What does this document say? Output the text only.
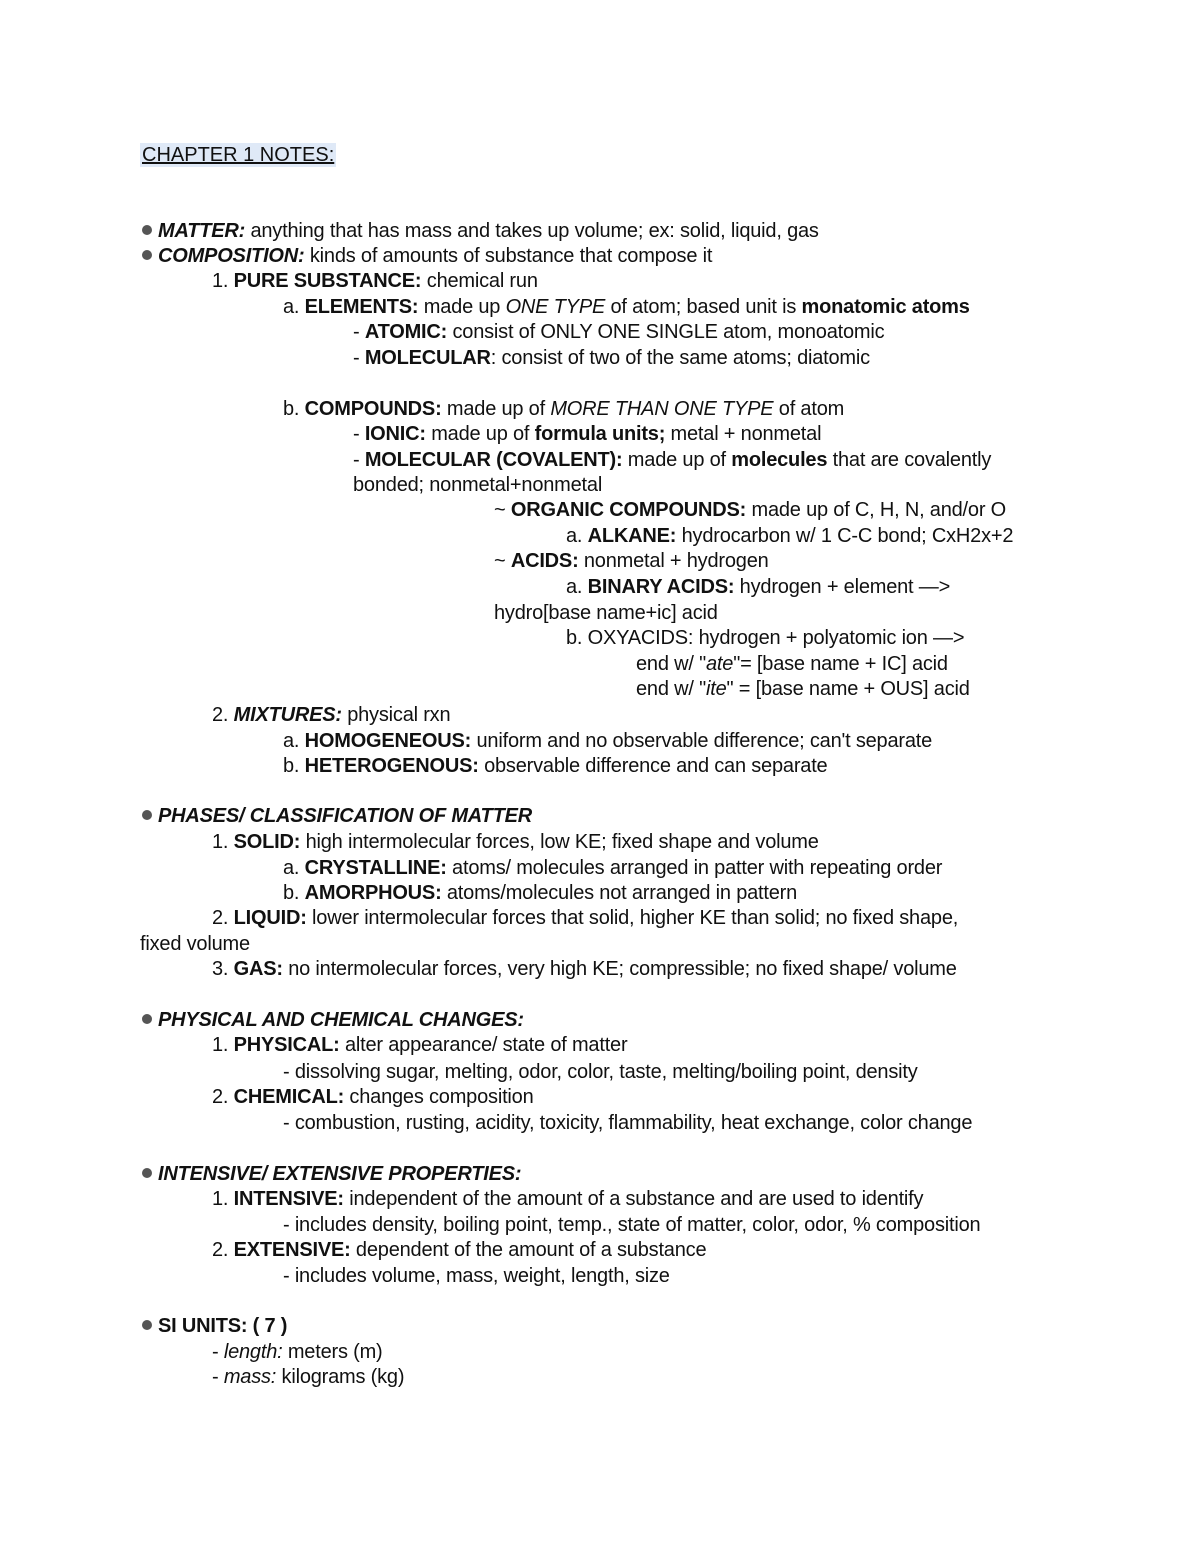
CHAPTER 1 NOTES:
MATTER: anything that has mass and takes up volume; ex: solid, liquid, gas
COMPOSITION: kinds of amounts of substance that compose it
1. PURE SUBSTANCE: chemical run
a. ELEMENTS: made up ONE TYPE of atom; based unit is monatomic atoms
- ATOMIC: consist of ONLY ONE SINGLE atom, monoatomic
- MOLECULAR: consist of two of the same atoms; diatomic
b. COMPOUNDS: made up of MORE THAN ONE TYPE of atom
- IONIC: made up of formula units; metal + nonmetal
- MOLECULAR (COVALENT): made up of molecules that are covalently
bonded; nonmetal+nonmetal
~ ORGANIC COMPOUNDS: made up of C, H, N, and/or O
a. ALKANE: hydrocarbon w/ 1 C-C bond; CxH2x+2
~ ACIDS: nonmetal + hydrogen
a. BINARY ACIDS: hydrogen + element —>
hydro[base name+ic] acid
b. OXYACIDS: hydrogen + polyatomic ion —>
end w/ "ate"= [base name + IC] acid
end w/ "ite" = [base name + OUS] acid
2. MIXTURES: physical rxn
a. HOMOGENEOUS: uniform and no observable difference; can't separate
b. HETEROGENOUS: observable difference and can separate
PHASES/ CLASSIFICATION OF MATTER
1. SOLID: high intermolecular forces, low KE; fixed shape and volume
a. CRYSTALLINE: atoms/ molecules arranged in patter with repeating order
b. AMORPHOUS: atoms/molecules not arranged in pattern
2. LIQUID: lower intermolecular forces that solid, higher KE than solid; no fixed shape,
fixed volume
3. GAS: no intermolecular forces, very high KE; compressible; no fixed shape/ volume
PHYSICAL AND CHEMICAL CHANGES:
1. PHYSICAL: alter appearance/ state of matter
- dissolving sugar, melting, odor, color, taste, melting/boiling point, density
2. CHEMICAL: changes composition
- combustion, rusting, acidity, toxicity, flammability, heat exchange, color change
INTENSIVE/ EXTENSIVE PROPERTIES:
1. INTENSIVE: independent of the amount of a substance and are used to identify
- includes density, boiling point, temp., state of matter, color, odor, % composition
2. EXTENSIVE: dependent of the amount of a substance
- includes volume, mass, weight, length, size
SI UNITS: ( 7 )
- length: meters (m)
- mass: kilograms (kg)
